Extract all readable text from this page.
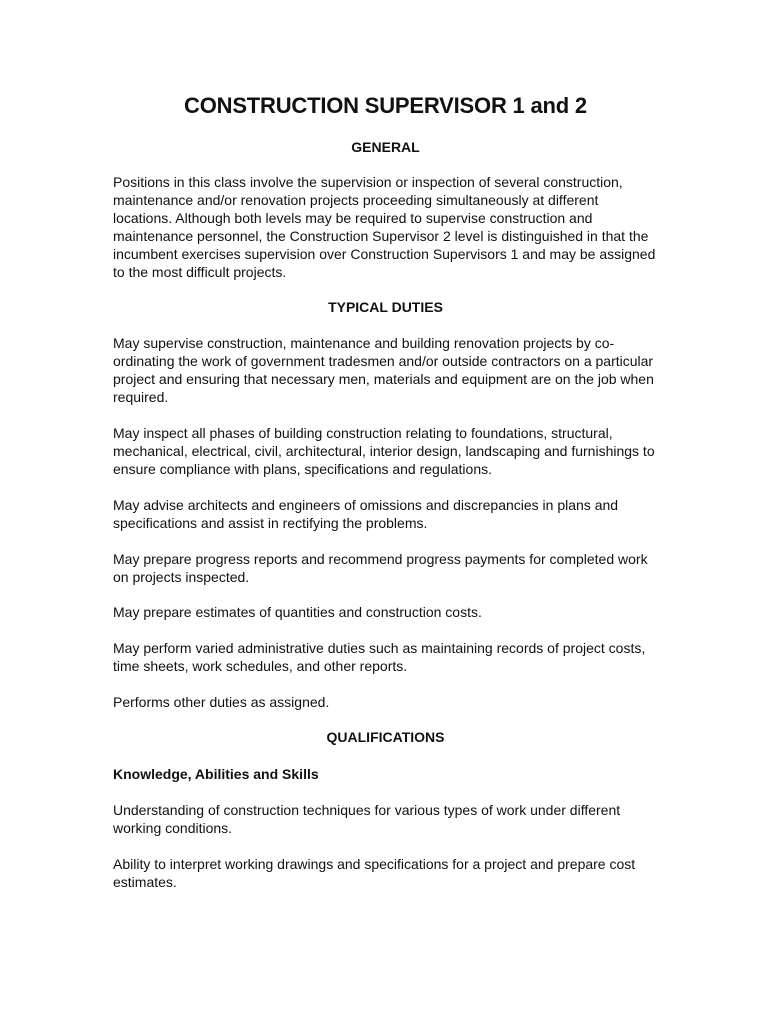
CONSTRUCTION SUPERVISOR 1 and 2
GENERAL

Positions in this class involve the supervision or inspection of several construction, maintenance and/or renovation projects proceeding simultaneously at different locations. Although both levels may be required to supervise construction and maintenance personnel, the Construction Supervisor 2 level is distinguished in that the incumbent exercises supervision over Construction Supervisors 1 and may be assigned to the most difficult projects.

TYPICAL DUTIES

May supervise construction, maintenance and building renovation projects by co-ordinating the work of government tradesmen and/or outside contractors on a particular project and ensuring that necessary men, materials and equipment are on the job when required.

May inspect all phases of building construction relating to foundations, structural, mechanical, electrical, civil, architectural, interior design, landscaping and furnishings to ensure compliance with plans, specifications and regulations.

May advise architects and engineers of omissions and discrepancies in plans and specifications and assist in rectifying the problems.

May prepare progress reports and recommend progress payments for completed work on projects inspected.

May prepare estimates of quantities and construction costs.

May perform varied administrative duties such as maintaining records of project costs, time sheets, work schedules, and other reports.

Performs other duties as assigned.

QUALIFICATIONS
Knowledge, Abilities and Skills

Understanding of construction techniques for various types of work under different working conditions.

Ability to interpret working drawings and specifications for a project and prepare cost estimates.
